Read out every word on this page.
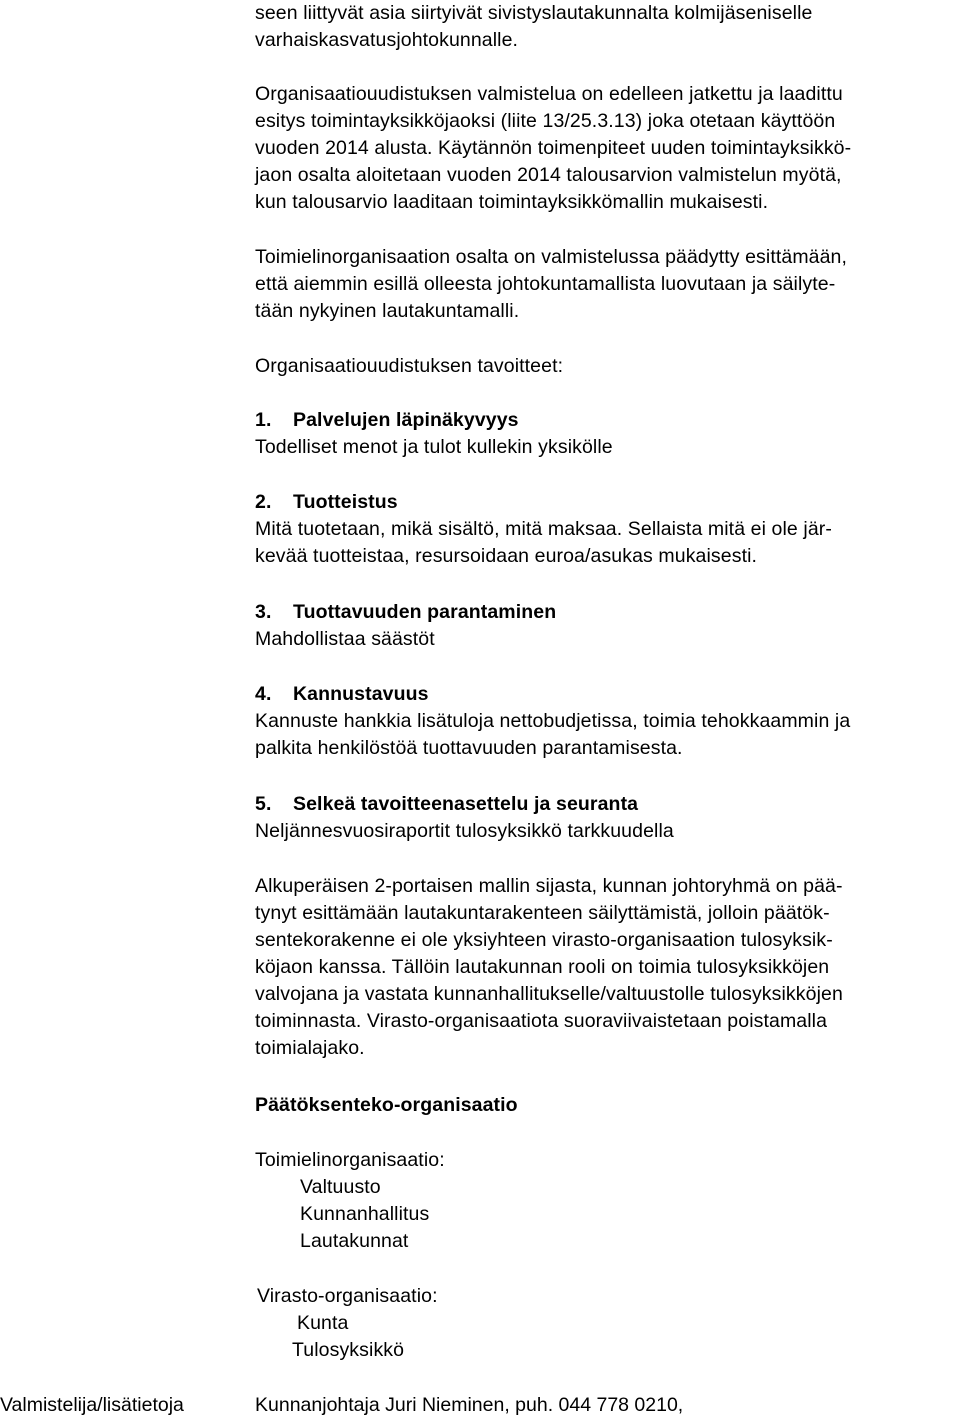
seen liittyvät asia siirtyivät sivistyslautakunnalta kolmijäseniselle
varhaiskasvatusjohtokunnalle.
Organisaatiouudistuksen valmistelua on edelleen jatkettu ja laadittu
esitys toimintayksikköjaoksi (liite 13/25.3.13) joka otetaan käyttöön
vuoden 2014 alusta. Käytännön toimenpiteet uuden toimintayksikkö-
jaon osalta aloitetaan vuoden 2014 talousarvion valmistelun myötä,
kun talousarvio laaditaan toimintayksikkömallin mukaisesti.
Toimielinorganisaation osalta on valmistelussa päädytty esittämään,
että aiemmin esillä olleesta johtokuntamallista luovutaan ja säilyte-
tään nykyinen lautakuntamalli.
Organisaatiouudistuksen tavoitteet:
1. Palvelujen läpinäkyvyys
Todelliset menot ja tulot kullekin yksikölle
2. Tuotteistus
Mitä tuotetaan, mikä sisältö, mitä maksaa. Sellaista mitä ei ole jär-
kevää tuotteistaa, resursoidaan euroa/asukas mukaisesti.
3. Tuottavuuden parantaminen
Mahdollistaa säästöt
4. Kannustavuus
Kannuste hankkia lisätuloja nettobudjetissa, toimia tehokkaammin ja
palkita henkilöstöä tuottavuuden parantamisesta.
5. Selkeä tavoitteenasettelu ja seuranta
Neljännesvuosiraportit tulosyksikkö tarkkuudella
Alkuperäisen 2-portaisen mallin sijasta, kunnan johtoryhmä on pää-
tynyt esittämään lautakuntarakenteen säilyttämistä, jolloin päätök-
sentekorakenne ei ole yksiyhteen virasto-organisaation tulosyksik-
köjaon kanssa. Tällöin lautakunnan rooli on toimia tulosyksikköjen
valvojana ja vastata kunnanhallitukselle/valtuustolle tulosyksikköjen
toiminnasta. Virasto-organisaatiota suoraviivaistetaan poistamalla
toimialajako.
Päätöksenteko-organisaatio
Toimielinorganisaatio:
Valtuusto
Kunnanhallitus
Lautakunnat
Virasto-organisaatio:
Kunta
Tulosyksikkö
Valmistelija/lisätietoja	Kunnanjohtaja Juri Nieminen, puh. 044 778 0210,
